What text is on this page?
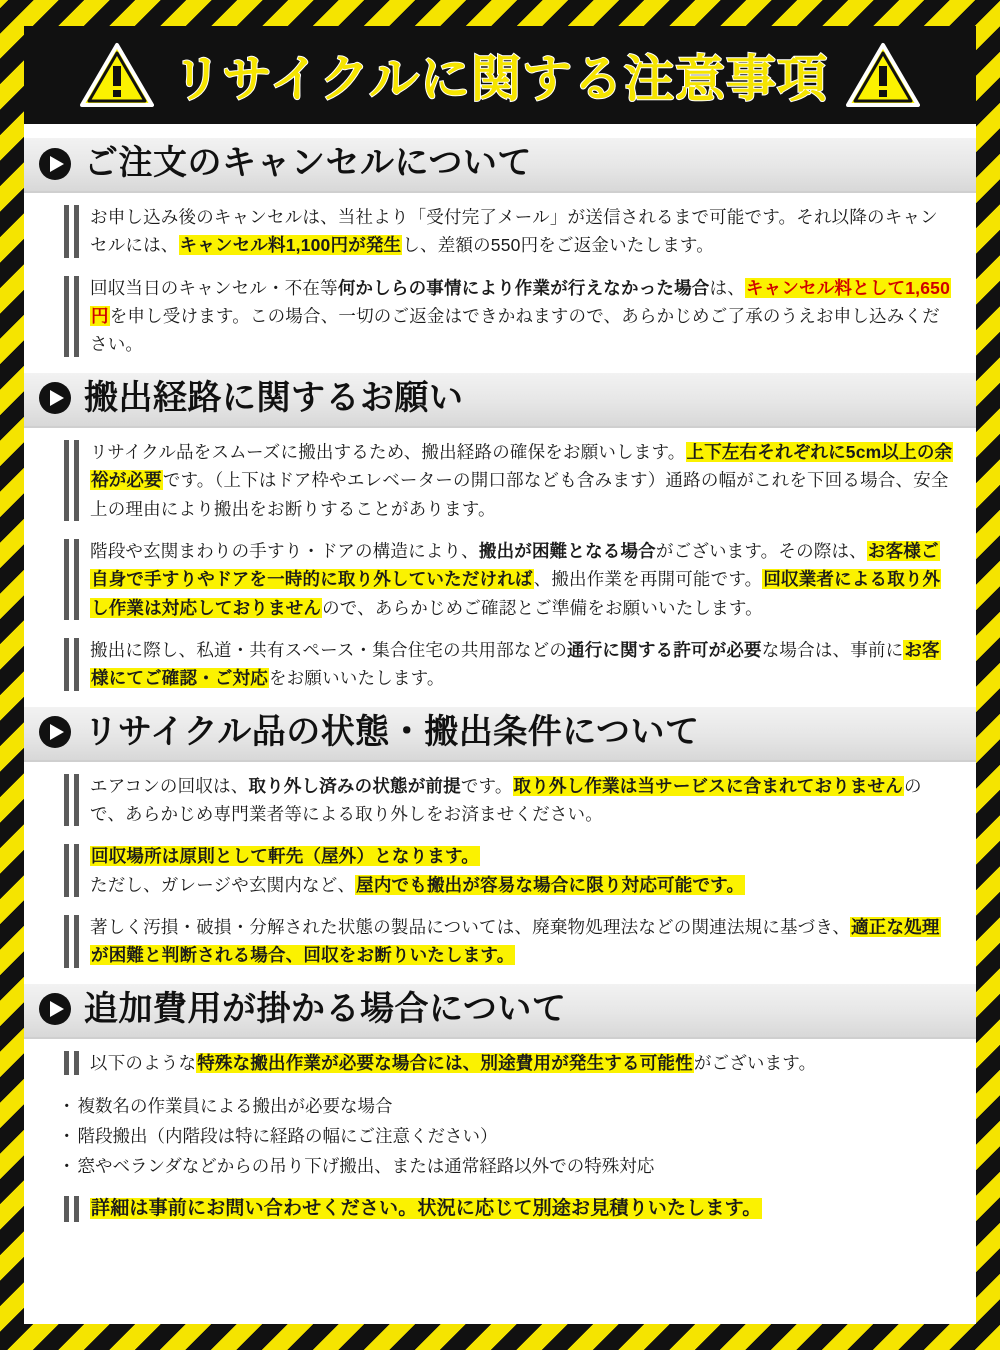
リサイクルに関する注意事項
ご注文のキャンセルについて
お申し込み後のキャンセルは、当社より「受付完了メール」が送信されるまで可能です。それ以降のキャンセルには、キャンセル料1,100円が発生し、差額の550円をご返金いたします。
回収当日のキャンセル・不在等何かしらの事情により作業が行えなかった場合は、キャンセル料として1,650円を申し受けます。この場合、一切のご返金はできかねますので、あらかじめご了承のうえお申し込みください。
搬出経路に関するお願い
リサイクル品をスムーズに搬出するため、搬出経路の確保をお願いします。上下左右それぞれに5cm以上の余裕が必要です。（上下はドア枠やエレベーターの開口部なども含みます）通路の幅がこれを下回る場合、安全上の理由により搬出をお断りすることがあります。
階段や玄関まわりの手すり・ドアの構造により、搬出が困難となる場合がございます。その際は、お客様ご自身で手すりやドアを一時的に取り外していただければ、搬出作業を再開可能です。回収業者による取り外し作業は対応しておりませんので、あらかじめご確認とご準備をお願いいたします。
搬出に際し、私道・共有スペース・集合住宅の共用部などの通行に関する許可が必要な場合は、事前にお客様にてご確認・ご対応をお願いいたします。
リサイクル品の状態・搬出条件について
エアコンの回収は、取り外し済みの状態が前提です。取り外し作業は当サービスに含まれておりませんので、あらかじめ専門業者等による取り外しをお済ませください。
回収場所は原則として軒先（屋外）となります。
ただし、ガレージや玄関内など、屋内でも搬出が容易な場合に限り対応可能です。
著しく汚損・破損・分解された状態の製品については、廃棄物処理法などの関連法規に基づき、適正な処理が困難と判断される場合、回収をお断りいたします。
追加費用が掛かる場合について
以下のような特殊な搬出作業が必要な場合には、別途費用が発生する可能性がございます。
・ 複数名の作業員による搬出が必要な場合
・ 階段搬出（内階段は特に経路の幅にご注意ください）
・ 窓やベランダなどからの吊り下げ搬出、または通常経路以外での特殊対応
詳細は事前にお問い合わせください。状況に応じて別途お見積りいたします。
